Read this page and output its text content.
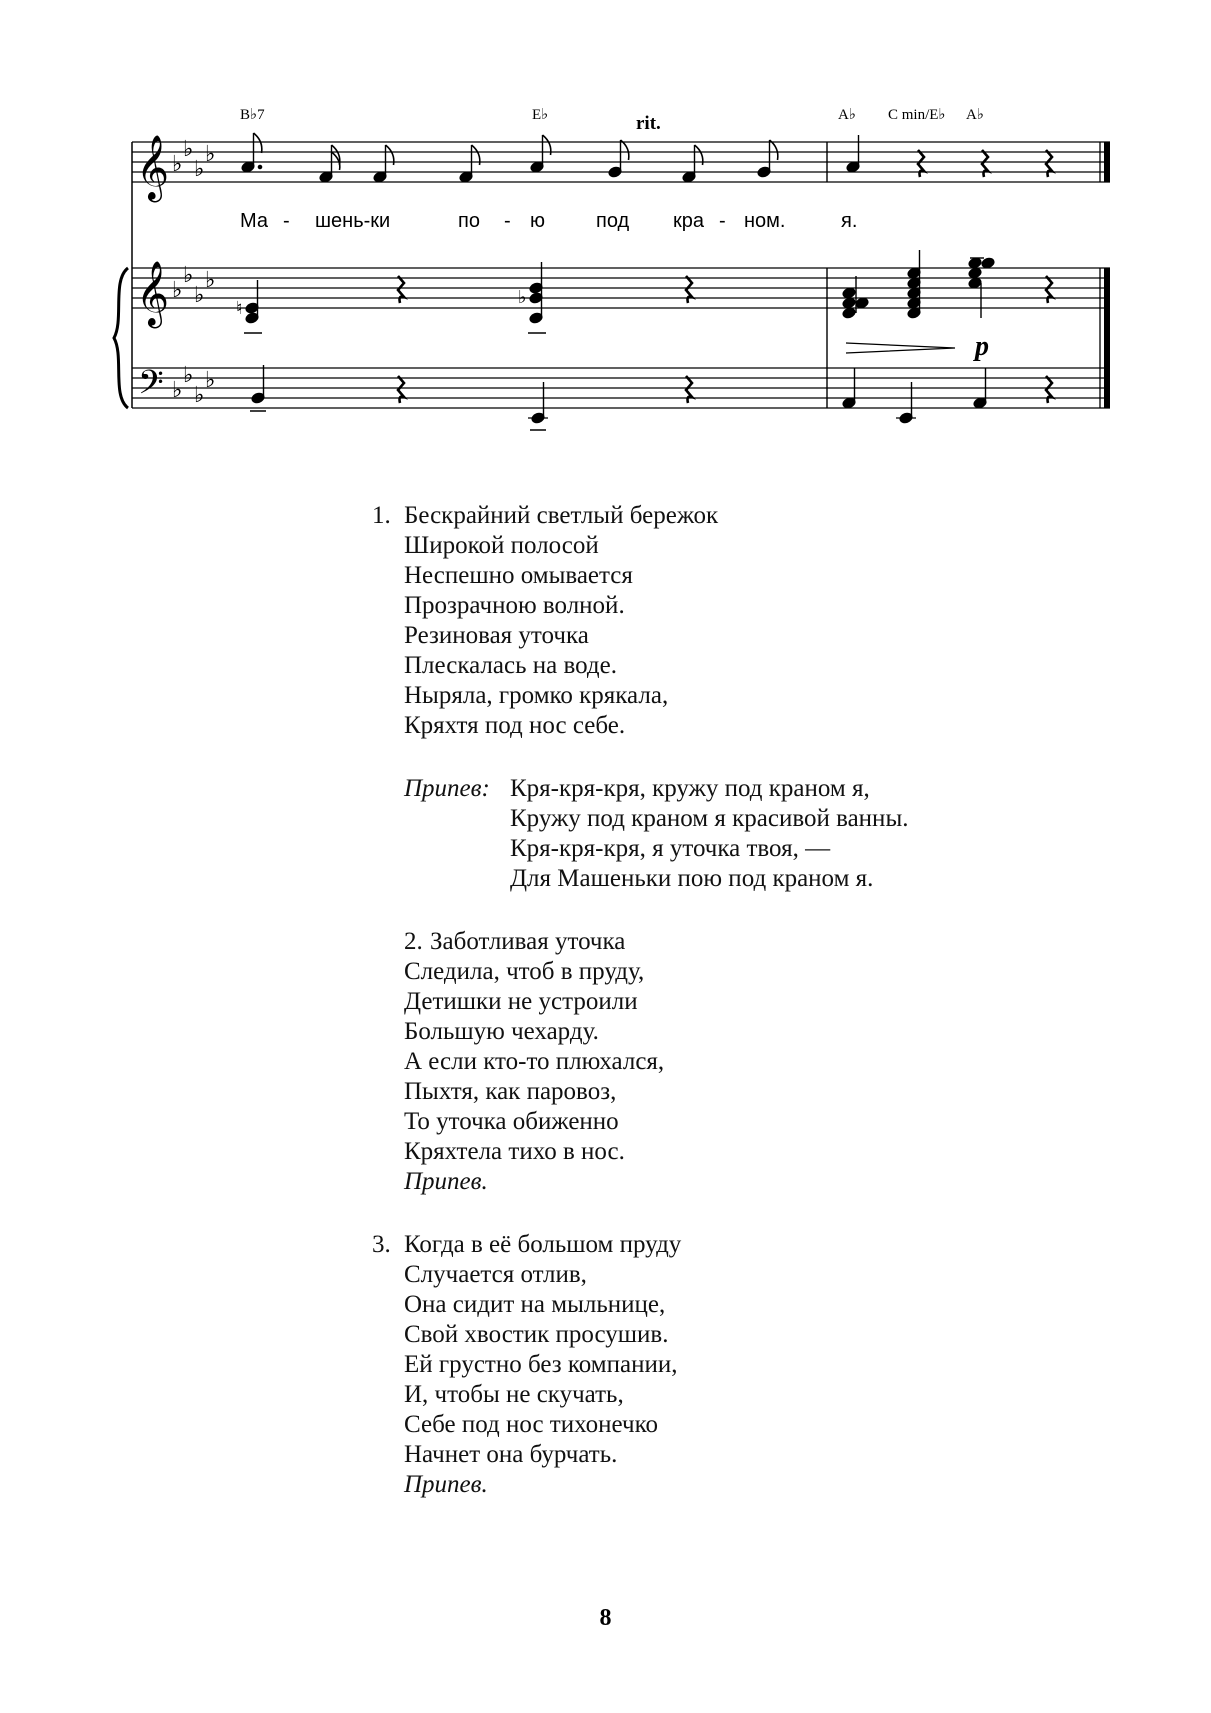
B♭7	E♭	A♭ C min/E♭ A♭
rit.
𝄞
𝄞
𝄢
♭
♭
♭
♭
♭
♭
♭
♭
♭
♭
♭
♭
Ма - шень-ки	по - ю	под кра - ном.	я.
♮
♭
p
1. Бескрайний светлый бережок
Широкой полосой
Неспешно омывается
Прозрачною волной.
Резиновая уточка
Плескалась на воде.
Ныряла, громко крякала,
Кряхтя под нос себе.
Припев: Кря-кря-кря, кружу под краном я,
Кружу под краном я красивой ванны.
Кря-кря-кря, я уточка твоя, —
Для Машеньки пою под краном я.
2. Заботливая уточка
Следила, чтоб в пруду,
Детишки не устроили
Большую чехарду.
А если кто-то плюхался,
Пыхтя, как паровоз,
То уточка обиженно
Кряхтела тихо в нос.
Припев.
3. Когда в её большом пруду
Случается отлив,
Она сидит на мыльнице,
Свой хвостик просушив.
Ей грустно без компании,
И, чтобы не скучать,
Себе под нос тихонечко
Начнет она бурчать.
Припев.
8
